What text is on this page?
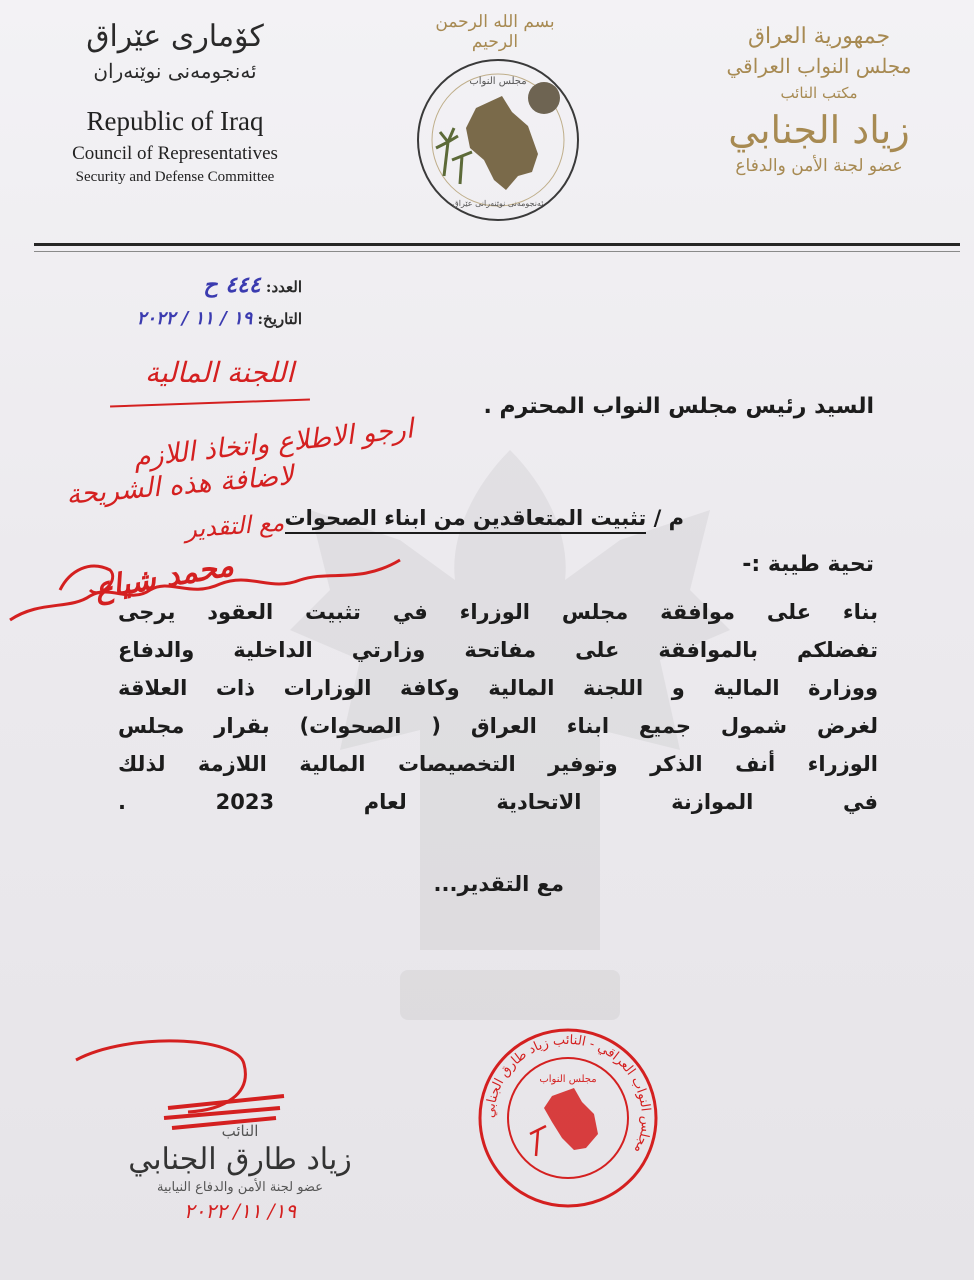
کۆماری عێراق
ئەنجومەنی نوێنەران
Republic of Iraq
Council of Representatives
Security and Defense Committee
بسم الله الرحمن الرحيم
مجلس النواب
ئەنجومەنی نوێنەرانی عێراق
جمهورية العراق
مجلس النواب العراقي
مكتب النائب
زياد الجنابي
عضو لجنة الأمن والدفاع
العدد: ٤٤٤ ح
التاريخ: ١٩ / ١١ / ٢٠٢٢
اللجنة المالية
ارجو الاطلاع واتخاذ اللازم
لاضافة هذه الشريحة
مع التقدير
محمد شياع
السيد رئيس مجلس النواب المحترم .
م / تثبيت المتعاقدين من ابناء الصحوات
تحية طيبة :-
بناء على موافقة مجلس الوزراء في تثبيت العقود يرجى
تفضلكم بالموافقة على مفاتحة وزارتي الداخلية والدفاع
ووزارة المالية و اللجنة المالية وكافة الوزارات ذات العلاقة
لغرض شمول جميع ابناء العراق ( الصحوات) بقرار مجلس
الوزراء أنف الذكر وتوفير التخصيصات المالية اللازمة لذلك
في الموازنة الاتحادية لعام 2023 .
مع التقدير...
النائب
زياد طارق الجنابي
عضو لجنة الأمن والدفاع النيابية
١٩/ ١١/ ٢٠٢٢
مجلس النواب العراقي - النائب زياد طارق الجنابي
مجلس النواب
